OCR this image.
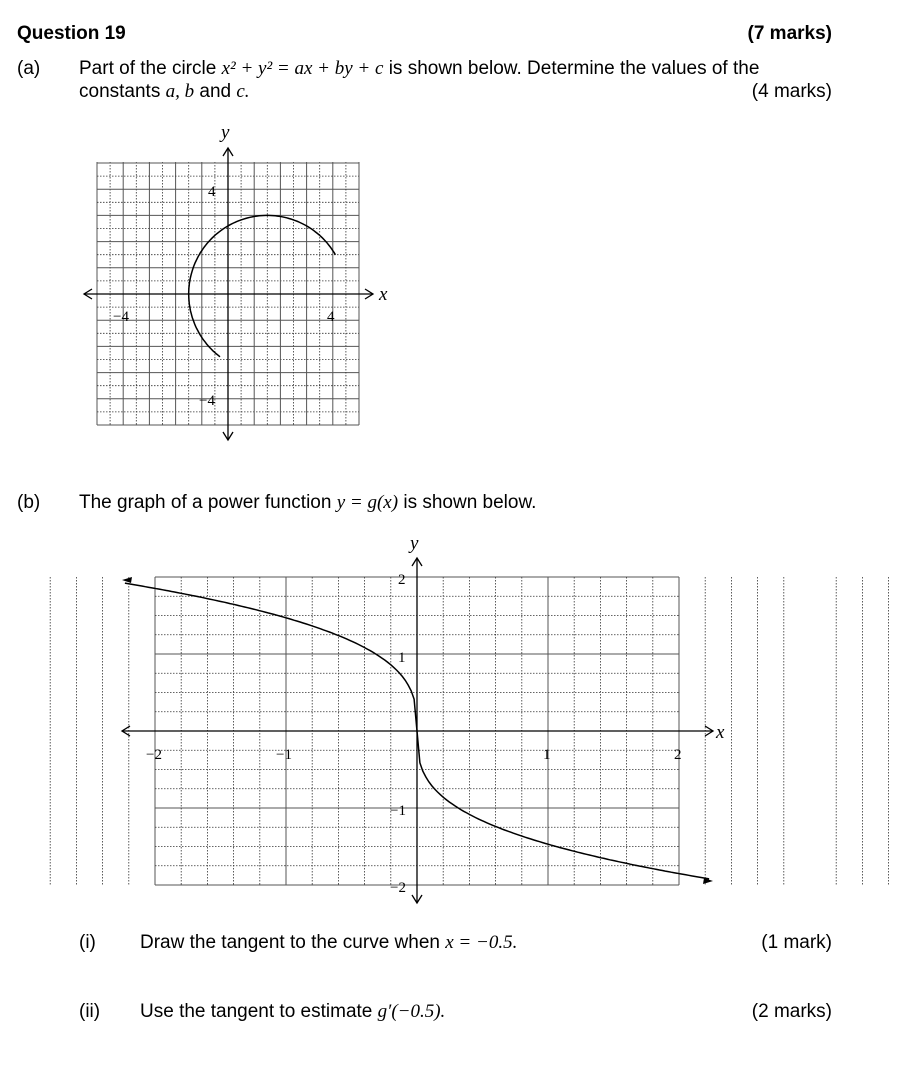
Question 19	(7 marks)
(a) Part of the circle x² + y² = ax + by + c is shown below. Determine the values of the
constants a, b and c.	(4 marks)
y
x
−4	4
4
−4
(b) The graph of a power function y = g(x) is shown below.
y
x
−2	−1	1	2
2
1
−1
−2
(i) Draw the tangent to the curve when x = −0.5.	(1 mark)
(ii) Use the tangent to estimate g′(−0.5).	(2 marks)
